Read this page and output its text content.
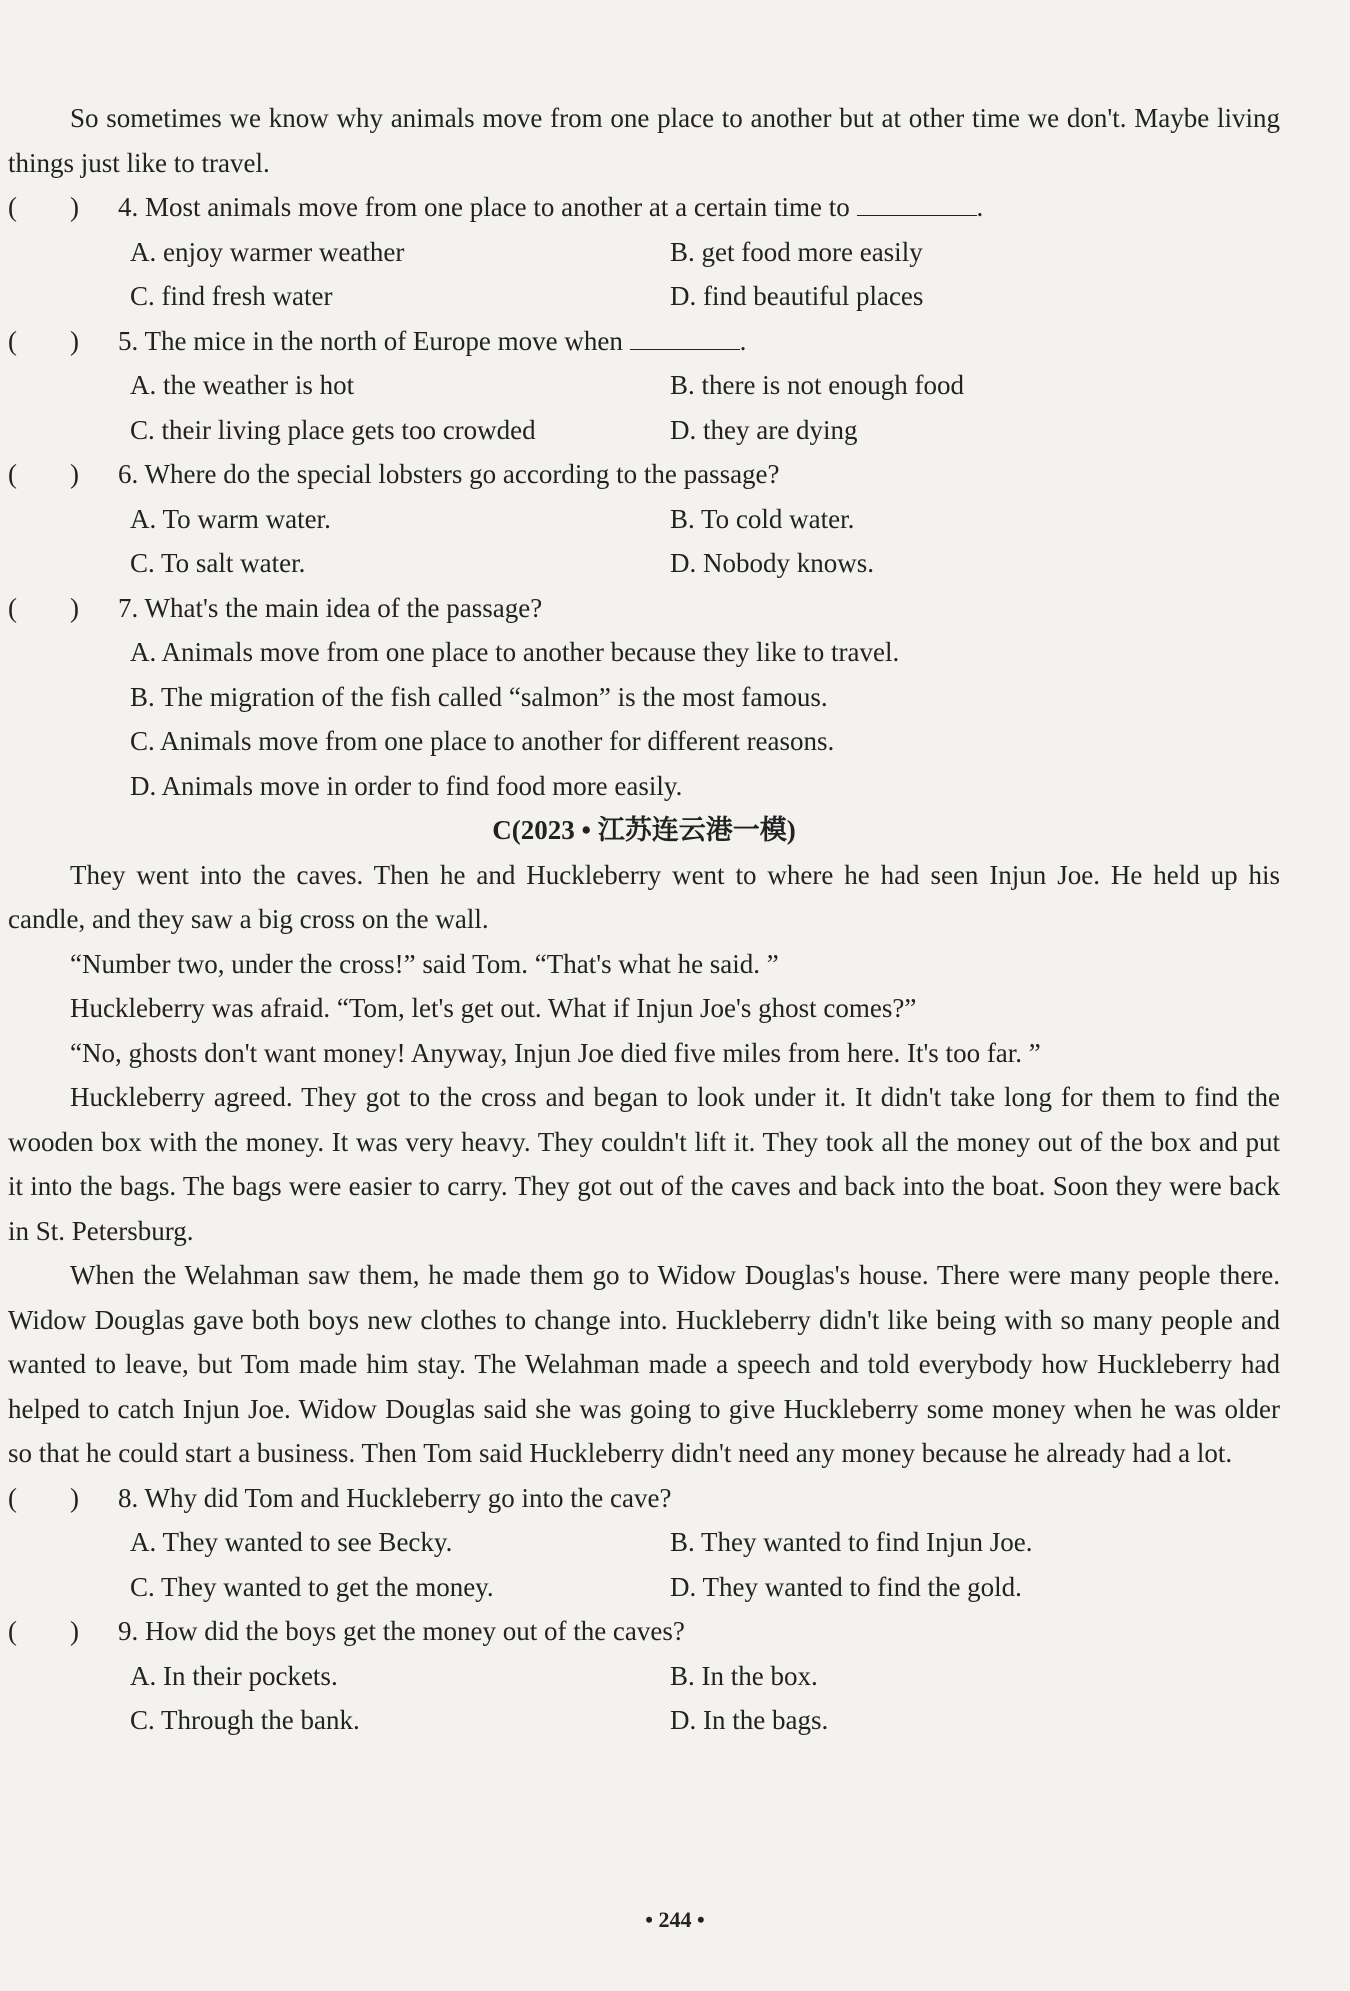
So sometimes we know why animals move from one place to another but at other time we don't. Maybe living things just like to travel.

(	) 4. Most animals move from one place to another at a certain time to	.
A. enjoy warmer weather	B. get food more easily
C. find fresh water	D. find beautiful places
(	) 5. The mice in the north of Europe move when	.
A. the weather is hot	B. there is not enough food
C. their living place gets too crowded	D. they are dying
(	) 6. Where do the special lobsters go according to the passage?
A. To warm water.	B. To cold water.
C. To salt water.	D. Nobody knows.
(	) 7. What's the main idea of the passage?
A. Animals move from one place to another because they like to travel.
B. The migration of the fish called “salmon” is the most famous.
C. Animals move from one place to another for different reasons.
D. Animals move in order to find food more easily.

C(2023 • 江苏连云港一模)

They went into the caves. Then he and Huckleberry went to where he had seen Injun Joe. He held up his candle, and they saw a big cross on the wall.

“Number two, under the cross!” said Tom. “That's what he said. ”

Huckleberry was afraid. “Tom, let's get out. What if Injun Joe's ghost comes?”

“No, ghosts don't want money! Anyway, Injun Joe died five miles from here. It's too far. ”

Huckleberry agreed. They got to the cross and began to look under it. It didn't take long for them to find the wooden box with the money. It was very heavy. They couldn't lift it. They took all the money out of the box and put it into the bags. The bags were easier to carry. They got out of the caves and back into the boat. Soon they were back in St. Petersburg.

When the Welahman saw them, he made them go to Widow Douglas's house. There were many people there. Widow Douglas gave both boys new clothes to change into. Huckleberry didn't like being with so many people and wanted to leave, but Tom made him stay. The Welahman made a speech and told everybody how Huckleberry had helped to catch Injun Joe. Widow Douglas said she was going to give Huckleberry some money when he was older so that he could start a business. Then Tom said Huckleberry didn't need any money because he already had a lot.

(	) 8. Why did Tom and Huckleberry go into the cave?
A. They wanted to see Becky.	B. They wanted to find Injun Joe.
C. They wanted to get the money.	D. They wanted to find the gold.
(	) 9. How did the boys get the money out of the caves?
A. In their pockets.	B. In the box.
C. Through the bank.	D. In the bags.
• 244 •
